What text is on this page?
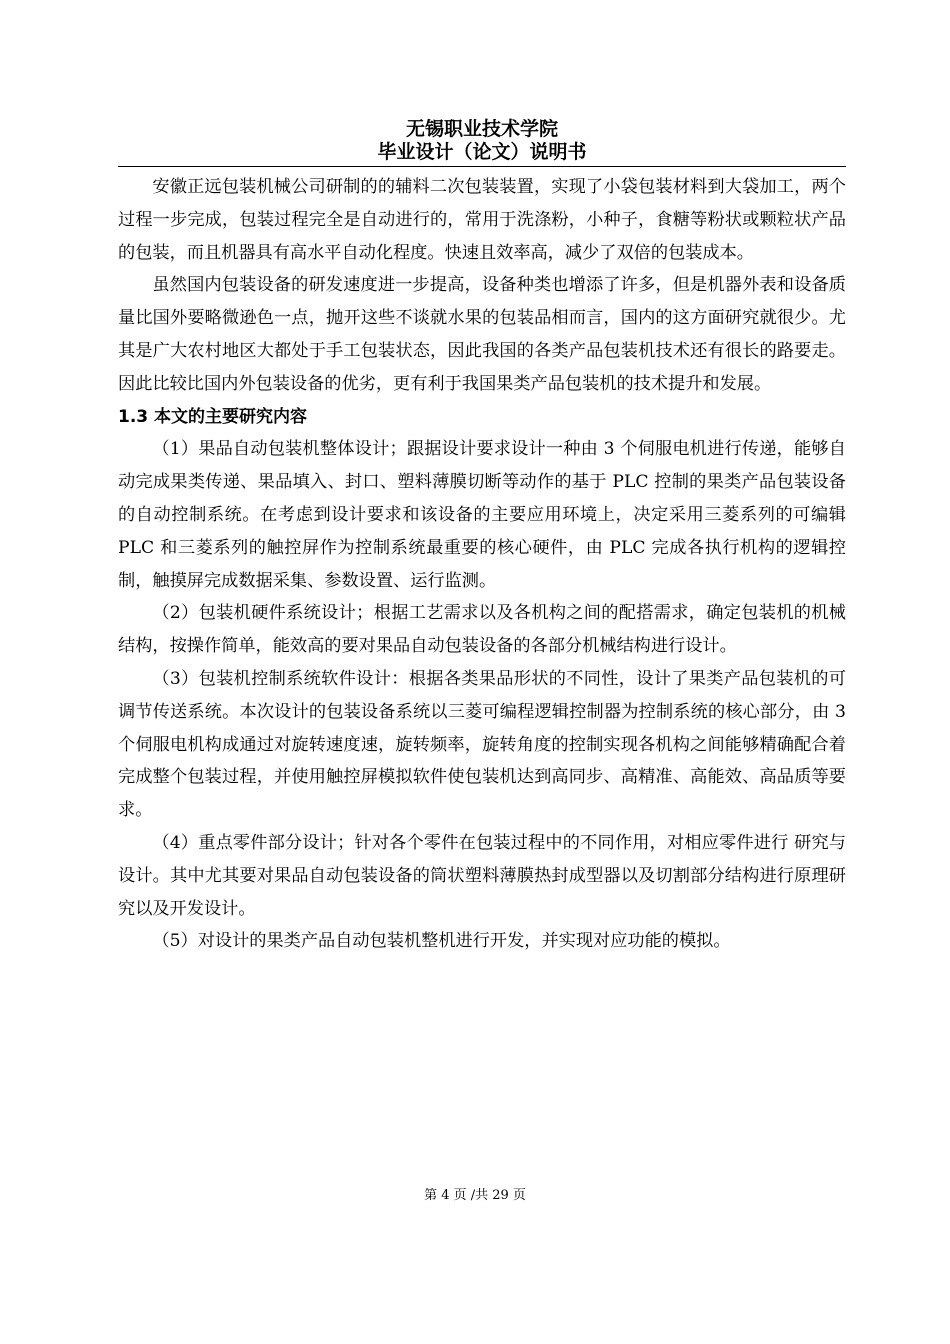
无锡职业技术学院
毕业设计（论文）说明书

安徽正远包装机械公司研制的的辅料二次包装装置，实现了小袋包装材料到大袋加工，两个过程一步完成，包装过程完全是自动进行的，常用于洗涤粉，小种子，食糖等粉状或颗粒状产品的包装，而且机器具有高水平自动化程度。快速且效率高，减少了双倍的包装成本。

虽然国内包装设备的研发速度进一步提高，设备种类也增添了许多，但是机器外表和设备质量比国外要略微逊色一点，抛开这些不谈就水果的包装品相而言，国内的这方面研究就很少。尤其是广大农村地区大都处于手工包装状态，因此我国的各类产品包装机技术还有很长的路要走。因此比较比国内外包装设备的优劣，更有利于我国果类产品包装机的技术提升和发展。

1.3 本文的主要研究内容

（1）果品自动包装机整体设计；跟据设计要求设计一种由 3 个伺服电机进行传递，能够自动完成果类传递、果品填入、封口、塑料薄膜切断等动作的基于 PLC 控制的果类产品包装设备的自动控制系统。在考虑到设计要求和该设备的主要应用环境上，决定采用三菱系列的可编辑 PLC 和三菱系列的触控屏作为控制系统最重要的核心硬件，由 PLC 完成各执行机构的逻辑控制，触摸屏完成数据采集、参数设置、运行监测。

（2）包装机硬件系统设计；根据工艺需求以及各机构之间的配搭需求，确定包装机的机械结构，按操作简单，能效高的要对果品自动包装设备的各部分机械结构进行设计。

（3）包装机控制系统软件设计：根据各类果品形状的不同性，设计了果类产品包装机的可调节传送系统。本次设计的包装设备系统以三菱可编程逻辑控制器为控制系统的核心部分，由 3 个伺服电机构成通过对旋转速度速，旋转频率，旋转角度的控制实现各机构之间能够精确配合着完成整个包装过程，并使用触控屏模拟软件使包装机达到高同步、高精准、高能效、高品质等要求。

（4）重点零件部分设计；针对各个零件在包装过程中的不同作用，对相应零件进行 研究与设计。其中尤其要对果品自动包装设备的筒状塑料薄膜热封成型器以及切割部分结构进行原理研究以及开发设计。

（5）对设计的果类产品自动包装机整机进行开发，并实现对应功能的模拟。

第 4 页 /共 29 页
